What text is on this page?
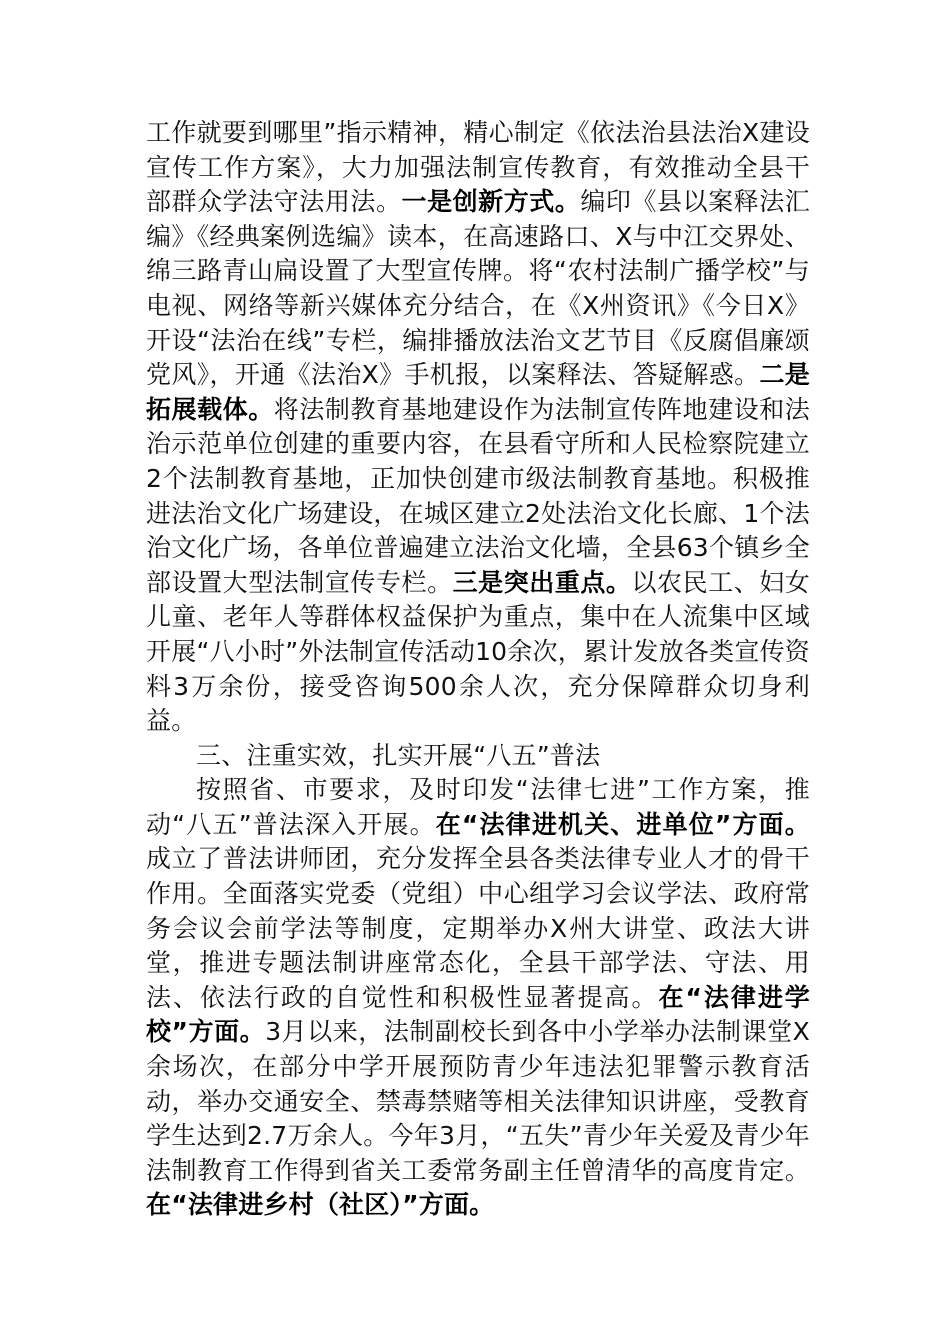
工作就要到哪里”指示精神，精心制定《依法治县法治X建设宣传工作方案》，大力加强法制宣传教育，有效推动全县干部群众学法守法用法。一是创新方式。编印《县以案释法汇编》《经典案例选编》读本，在高速路口、X与中江交界处、绵三路青山扁设置了大型宣传牌。将“农村法制广播学校”与电视、网络等新兴媒体充分结合，在《X州资讯》《今日X》开设“法治在线”专栏，编排播放法治文艺节目《反腐倡廉颂党风》，开通《法治X》手机报，以案释法、答疑解惑。二是拓展载体。将法制教育基地建设作为法制宣传阵地建设和法治示范单位创建的重要内容，在县看守所和人民检察院建立2个法制教育基地，正加快创建市级法制教育基地。积极推进法治文化广场建设，在城区建立2处法治文化长廊、1个法治文化广场，各单位普遍建立法治文化墙，全县63个镇乡全部设置大型法制宣传专栏。三是突出重点。以农民工、妇女儿童、老年人等群体权益保护为重点，集中在人流集中区域开展“八小时”外法制宣传活动10余次，累计发放各类宣传资料3万余份，接受咨询500余人次，充分保障群众切身利益。

三、注重实效，扎实开展“八五”普法

按照省、市要求，及时印发“法律七进”工作方案，推动“八五”普法深入开展。在“法律进机关、进单位”方面。成立了普法讲师团，充分发挥全县各类法律专业人才的骨干作用。全面落实党委（党组）中心组学习会议学法、政府常务会议会前学法等制度，定期举办X州大讲堂、政法大讲堂，推进专题法制讲座常态化，全县干部学法、守法、用法、依法行政的自觉性和积极性显著提高。在“法律进学校”方面。3月以来，法制副校长到各中小学举办法制课堂X余场次，在部分中学开展预防青少年违法犯罪警示教育活动，举办交通安全、禁毒禁赌等相关法律知识讲座，受教育学生达到2.7万余人。今年3月，“五失”青少年关爱及青少年法制教育工作得到省关工委常务副主任曾清华的高度肯定。在“法律进乡村（社区）”方面。
